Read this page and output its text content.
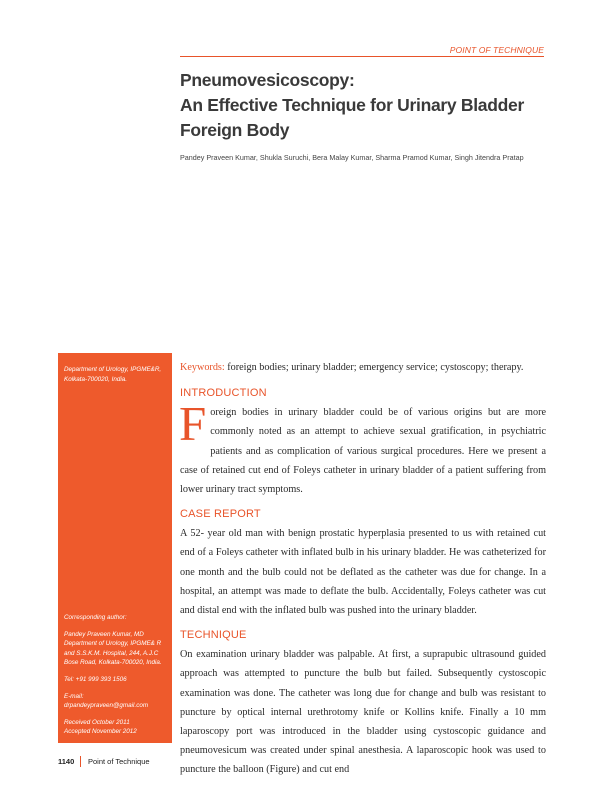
POINT OF TECHNIQUE
Pneumovesicoscopy:
An Effective Technique for Urinary Bladder
Foreign Body
Pandey Praveen Kumar, Shukla Suruchi, Bera Malay Kumar, Sharma Pramod Kumar, Singh Jitendra Pratap
Department of Urology, IPGME&R, Kolkata-700020, India.

Corresponding author:

Pandey Praveen Kumar, MD Department of Urology, IPGME& R and S.S.K.M. Hospital, 244, A.J.C Bose Road, Kolkata-700020, India.

Tel: +91 999 393 1506

E-mail: drpandeypraveen@gmail.com

Received October 2011
Accepted November 2012

Keywords: foreign bodies; urinary bladder; emergency service; cystoscopy; therapy.

INTRODUCTION
F oreign bodies in urinary bladder could be of various origins but are more commonly noted as an attempt to achieve sexual gratification, in psychiatric patients and as complication of various surgical procedures. Here we present a case of retained cut end of Foleys catheter in urinary bladder of a patient suffering from lower urinary tract symptoms.
CASE REPORT

A 52- year old man with benign prostatic hyperplasia presented to us with retained cut end of a Foleys catheter with inflated bulb in his urinary bladder. He was catheterized for one month and the bulb could not be deflated as the catheter was due for change. In a hospital, an attempt was made to deflate the bulb. Accidentally, Foleys catheter was cut and distal end with the inflated bulb was pushed into the urinary bladder.

TECHNIQUE

On examination urinary bladder was palpable. At first, a suprapubic ultrasound guided approach was attempted to puncture the bulb but failed. Subsequently cystoscopic examination was done. The catheter was long due for change and bulb was resistant to puncture by optical internal urethrotomy knife or Kollins knife. Finally a 10 mm laparoscopy port was introduced in the bladder using cystoscopic guidance and pneumovesicum was created under spinal anesthesia. A laparoscopic hook was used to puncture the balloon (Figure) and cut end

1140 Point of Technique
